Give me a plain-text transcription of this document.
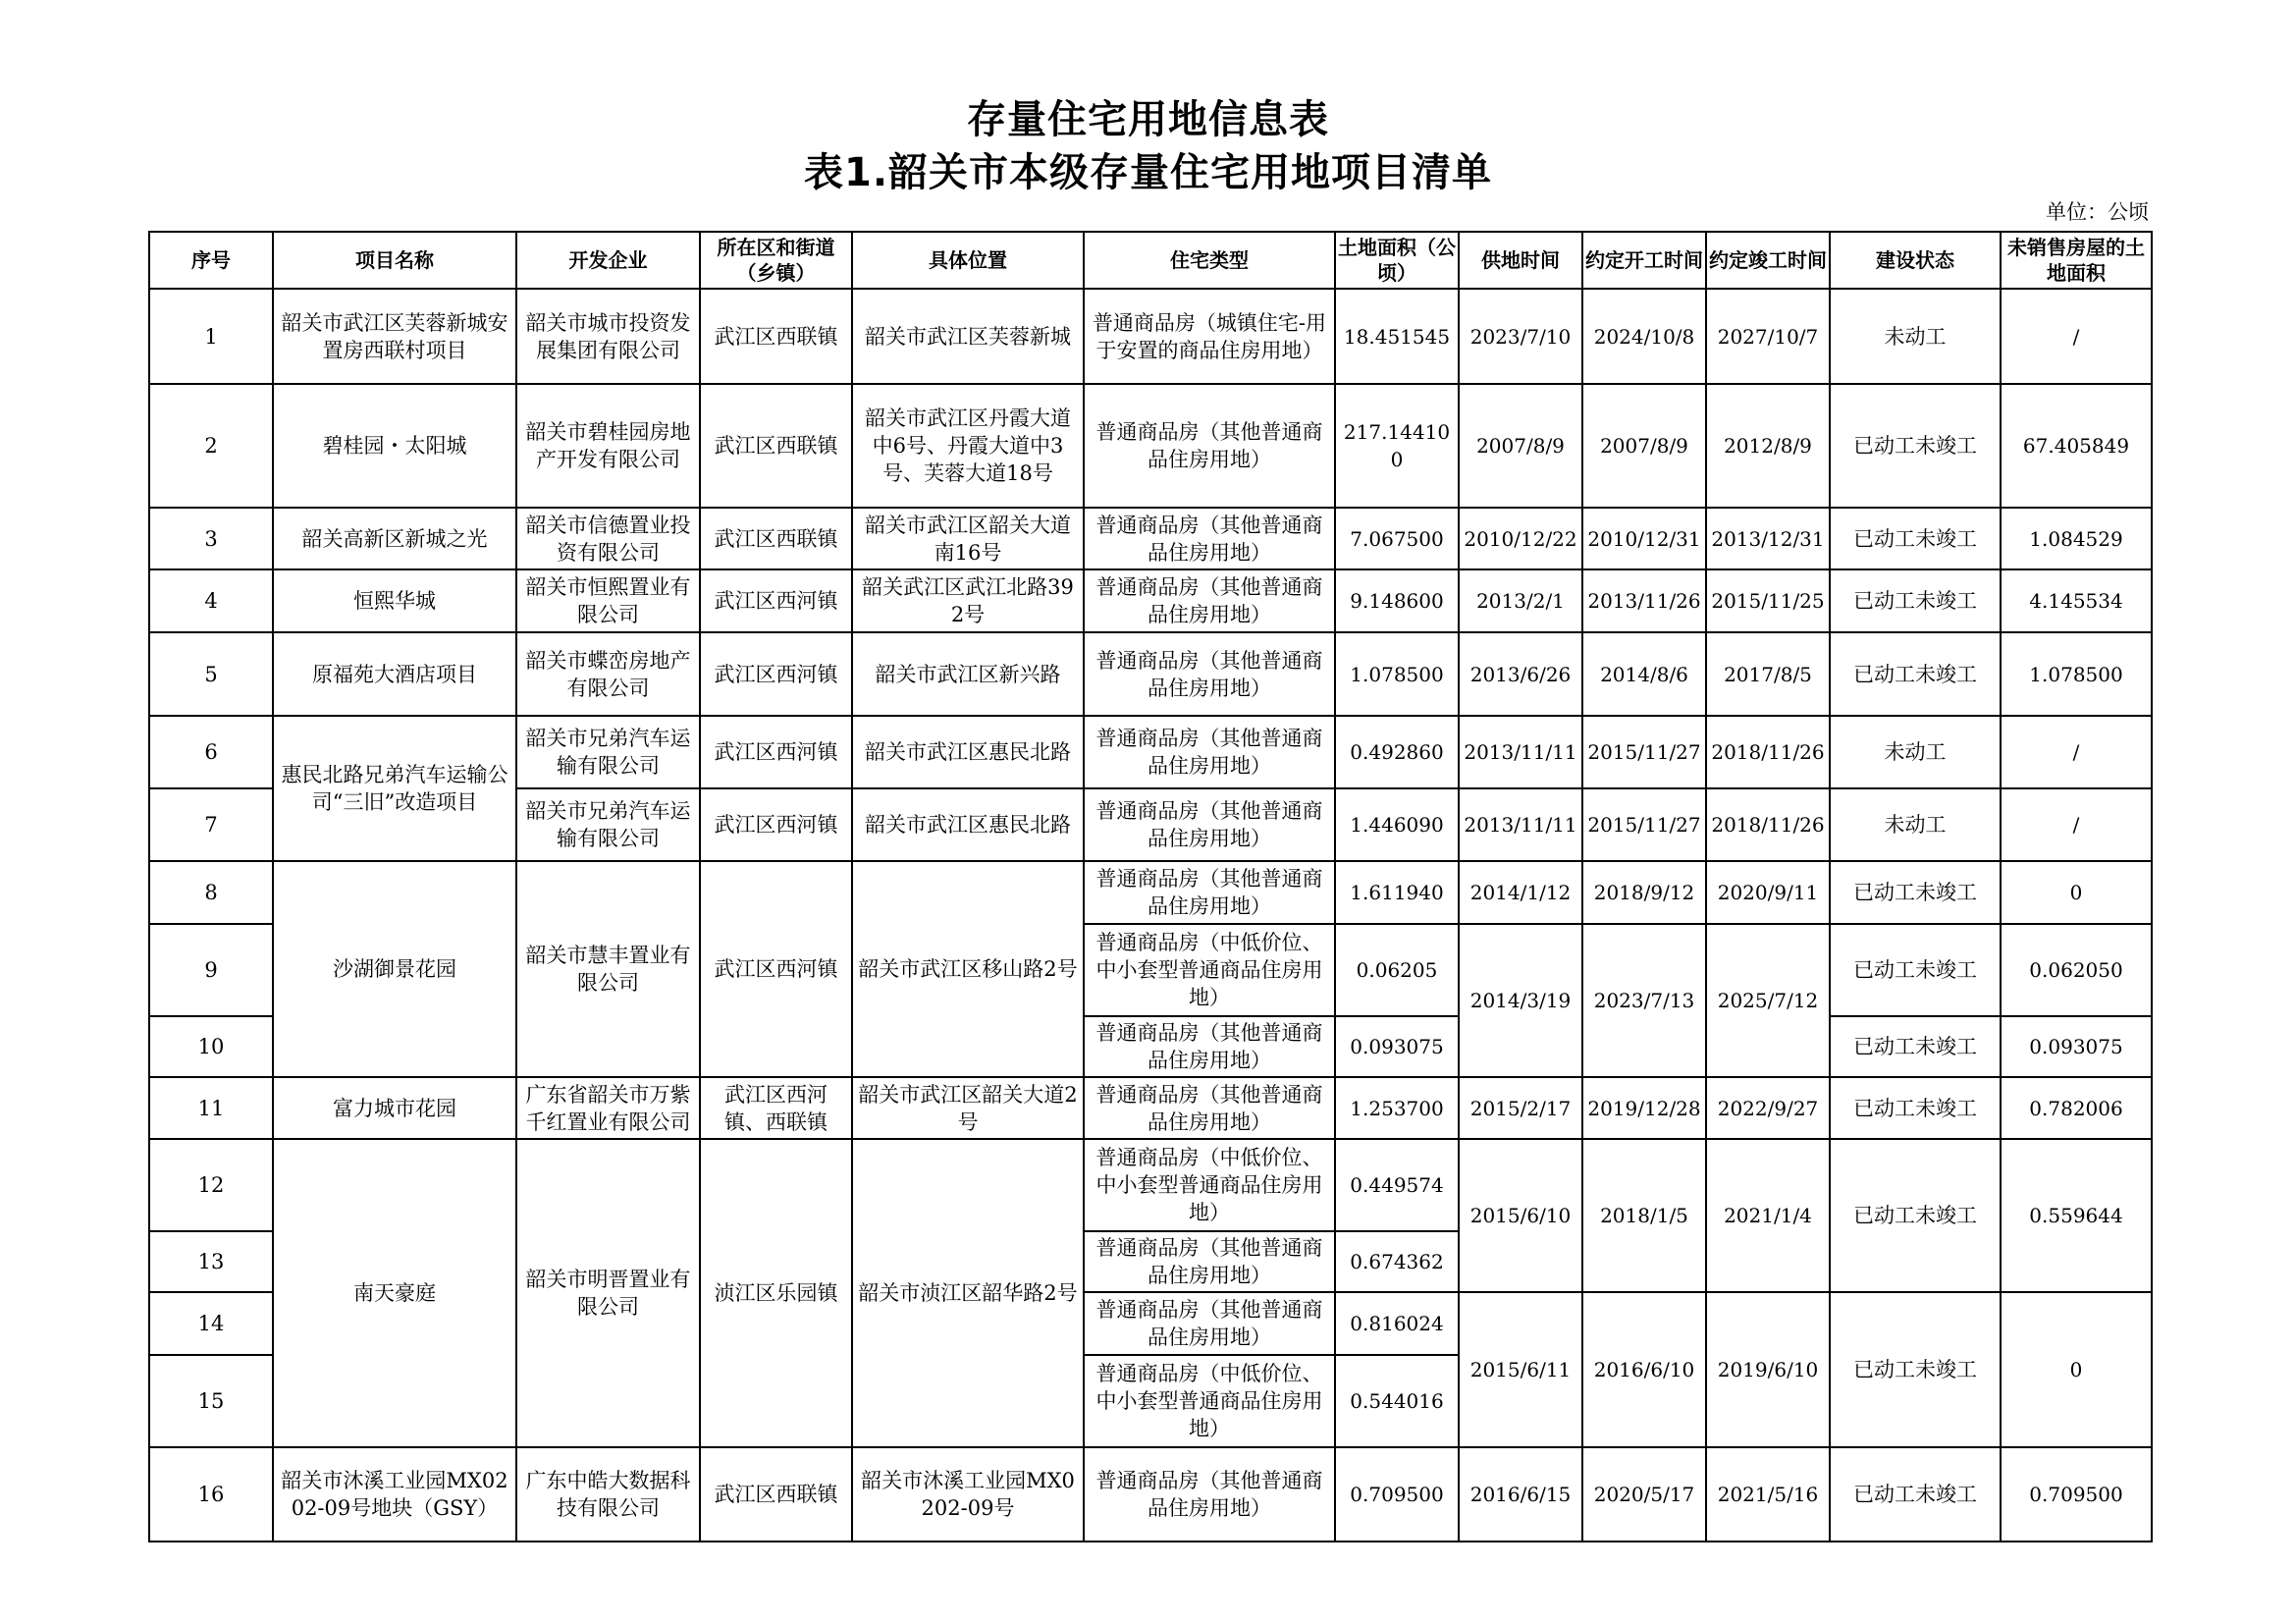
存量住宅用地信息表
表1.韶关市本级存量住宅用地项目清单
单位：公顷
序号	项目名称	开发企业	所在区和街道（乡镇）	具体位置	住宅类型	土地面积（公顷）	供地时间	约定开工时间	约定竣工时间	建设状态	未销售房屋的土地面积
1	韶关市武江区芙蓉新城安置房西联村项目	韶关市城市投资发展集团有限公司	武江区西联镇	韶关市武江区芙蓉新城	普通商品房（城镇住宅-用于安置的商品住房用地）	18.451545	2023/7/10	2024/10/8	2027/10/7	未动工	/
2	碧桂园・太阳城	韶关市碧桂园房地产开发有限公司	武江区西联镇	韶关市武江区丹霞大道中6号、丹霞大道中3号、芙蓉大道18号	普通商品房（其他普通商品住房用地）	217.144100	2007/8/9	2007/8/9	2012/8/9	已动工未竣工	67.405849
3	韶关高新区新城之光	韶关市信德置业投资有限公司	武江区西联镇	韶关市武江区韶关大道南16号	普通商品房（其他普通商品住房用地）	7.067500	2010/12/22	2010/12/31	2013/12/31	已动工未竣工	1.084529
4	恒熙华城	韶关市恒熙置业有限公司	武江区西河镇	韶关武江区武江北路392号	普通商品房（其他普通商品住房用地）	9.148600	2013/2/1	2013/11/26	2015/11/25	已动工未竣工	4.145534
5	原福苑大酒店项目	韶关市蝶峦房地产有限公司	武江区西河镇	韶关市武江区新兴路	普通商品房（其他普通商品住房用地）	1.078500	2013/6/26	2014/8/6	2017/8/5	已动工未竣工	1.078500
6	惠民北路兄弟汽车运输公司“三旧”改造项目	韶关市兄弟汽车运输有限公司	武江区西河镇	韶关市武江区惠民北路	普通商品房（其他普通商品住房用地）	0.492860	2013/11/11	2015/11/27	2018/11/26	未动工	/
7		韶关市兄弟汽车运输有限公司	武江区西河镇	韶关市武江区惠民北路	普通商品房（其他普通商品住房用地）	1.446090	2013/11/11	2015/11/27	2018/11/26	未动工	/
8	沙湖御景花园	韶关市慧丰置业有限公司	武江区西河镇	韶关市武江区移山路2号	普通商品房（其他普通商品住房用地）	1.611940	2014/1/12	2018/9/12	2020/9/11	已动工未竣工	0
9					普通商品房（中低价位、中小套型普通商品住房用地）	0.06205	2014/3/19	2023/7/13	2025/7/12	已动工未竣工	0.062050
10					普通商品房（其他普通商品住房用地）	0.093075				已动工未竣工	0.093075
11	富力城市花园	广东省韶关市万紫千红置业有限公司	武江区西河镇、西联镇	韶关市武江区韶关大道2号	普通商品房（其他普通商品住房用地）	1.253700	2015/2/17	2019/12/28	2022/9/27	已动工未竣工	0.782006
12	南天豪庭	韶关市明晋置业有限公司	浈江区乐园镇	韶关市浈江区韶华路2号	普通商品房（中低价位、中小套型普通商品住房用地）	0.449574	2015/6/10	2018/1/5	2021/1/4	已动工未竣工	0.559644
13					普通商品房（其他普通商品住房用地）	0.674362					
14					普通商品房（其他普通商品住房用地）	0.816024	2015/6/11	2016/6/10	2019/6/10	已动工未竣工	0
15					普通商品房（中低价位、中小套型普通商品住房用地）	0.544016					
16	韶关市沐溪工业园MX0202-09号地块（GSY）	广东中皓大数据科技有限公司	武江区西联镇	韶关市沐溪工业园MX0202-09号	普通商品房（其他普通商品住房用地）	0.709500	2016/6/15	2020/5/17	2021/5/16	已动工未竣工	0.709500
